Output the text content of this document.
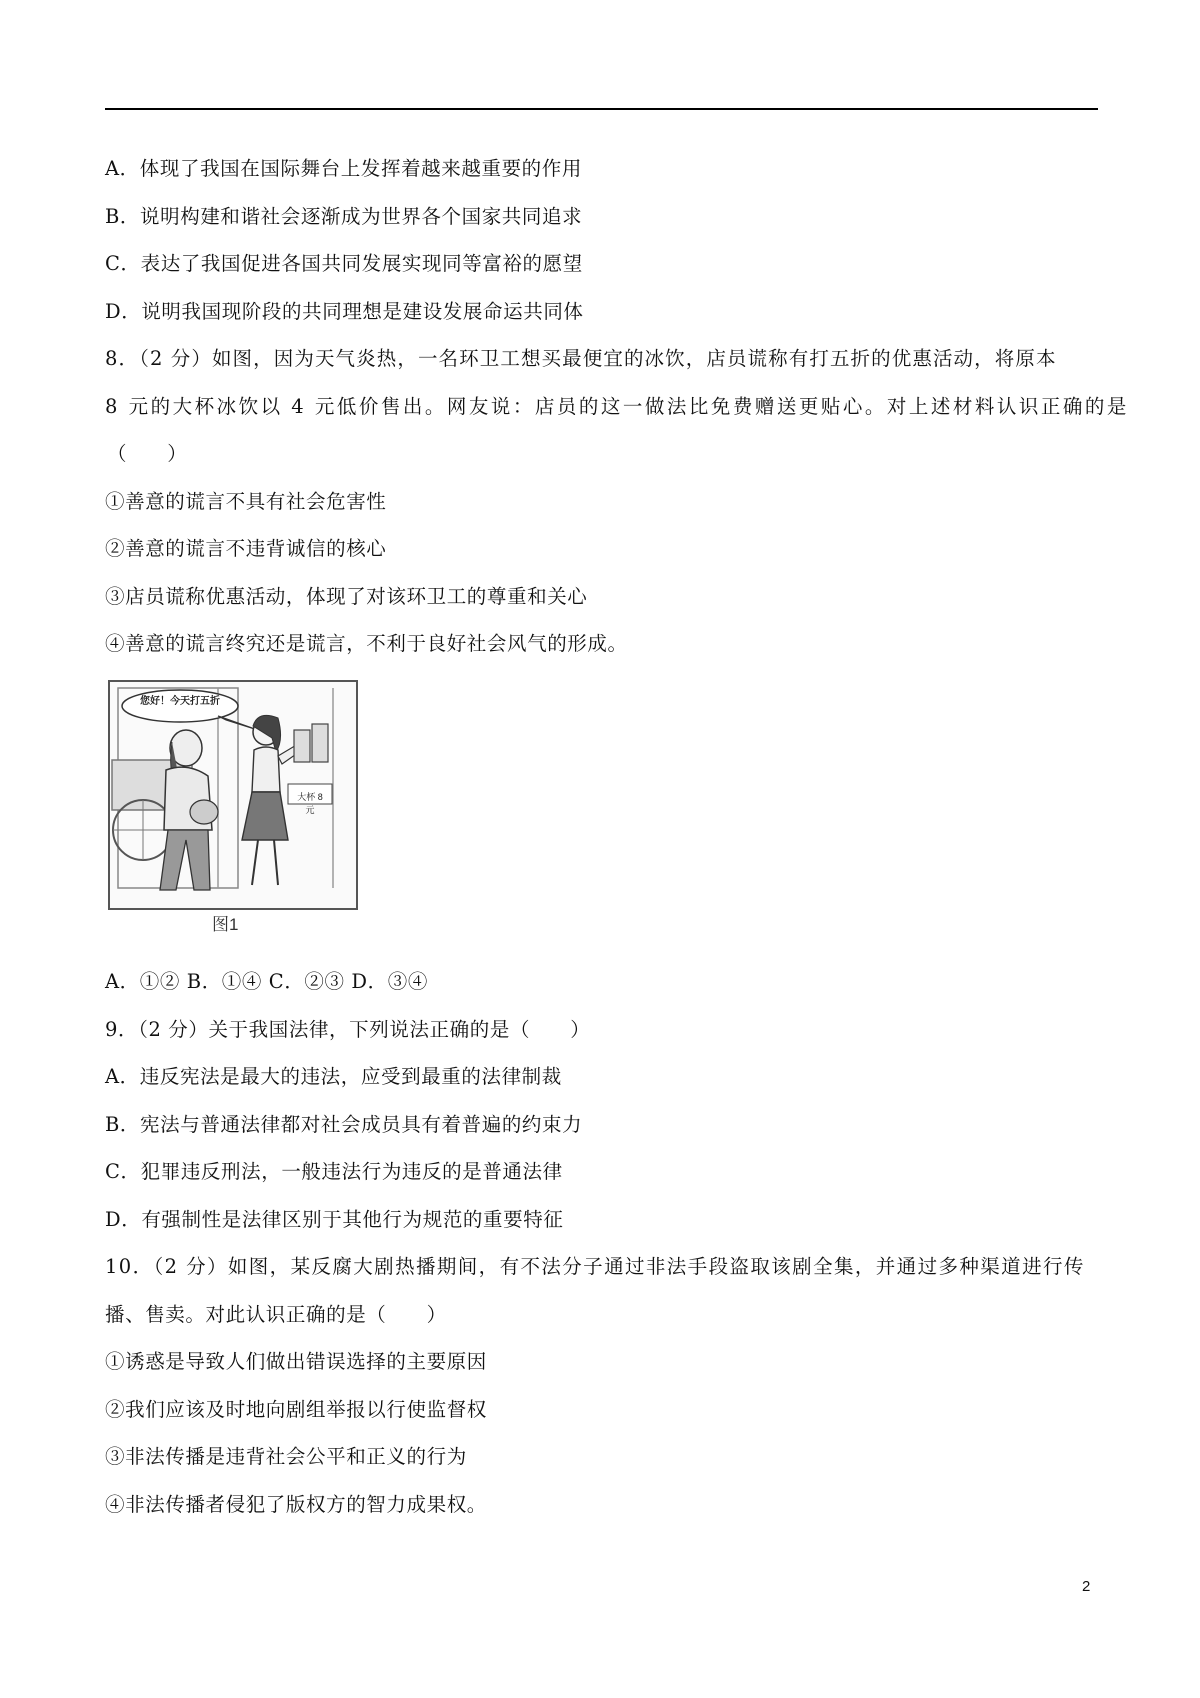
A．体现了我国在国际舞台上发挥着越来越重要的作用
B．说明构建和谐社会逐渐成为世界各个国家共同追求
C．表达了我国促进各国共同发展实现同等富裕的愿望
D．说明我国现阶段的共同理想是建设发展命运共同体
8．（2 分）如图，因为天气炎热，一名环卫工想买最便宜的冰饮，店员谎称有打五折的优惠活动，将原本
8 元的大杯冰饮以 4 元低价售出。网友说：店员的这一做法比免费赠送更贴心。对上述材料认识正确的是
（　　）
①善意的谎言不具有社会危害性
②善意的谎言不违背诚信的核心
③店员谎称优惠活动，体现了对该环卫工的尊重和关心
④善意的谎言终究还是谎言，不利于良好社会风气的形成。
您好！今天打五折
大杯 8 元
图1
A．①② B．①④ C．②③ D．③④
9．（2 分）关于我国法律，下列说法正确的是（　　）
A．违反宪法是最大的违法，应受到最重的法律制裁
B．宪法与普通法律都对社会成员具有着普遍的约束力
C．犯罪违反刑法，一般违法行为违反的是普通法律
D．有强制性是法律区别于其他行为规范的重要特征
10．（2 分）如图，某反腐大剧热播期间，有不法分子通过非法手段盗取该剧全集，并通过多种渠道进行传
播、售卖。对此认识正确的是（　　）
①诱惑是导致人们做出错误选择的主要原因
②我们应该及时地向剧组举报以行使监督权
③非法传播是违背社会公平和正义的行为
④非法传播者侵犯了版权方的智力成果权。
2
